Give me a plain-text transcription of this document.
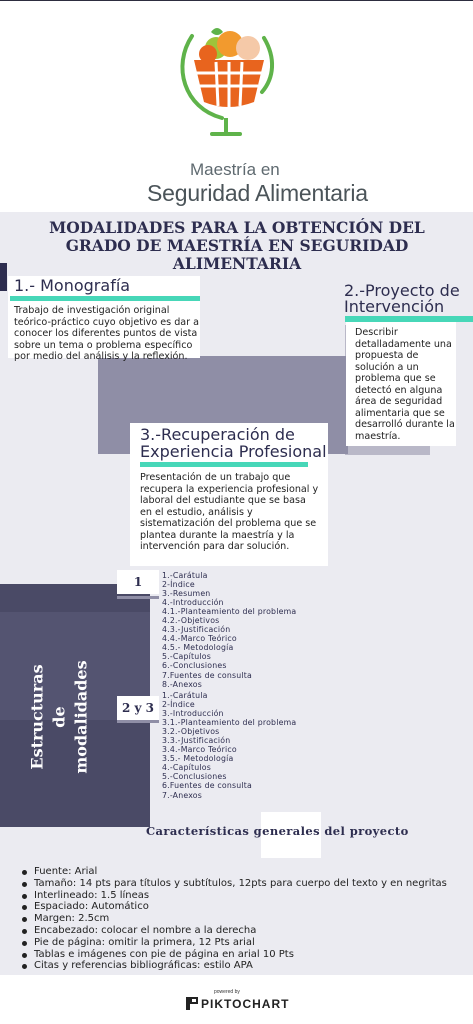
Maestría en
Seguridad Alimentaria
MODALIDADES PARA LA OBTENCIÓN DEL GRADO DE MAESTRÍA EN SEGURIDAD ALIMENTARIA
1.- Monografía
Trabajo de investigación original teórico-práctico cuyo objetivo es dar a conocer los diferentes puntos de vista sobre un tema o problema específico por medio del análisis y la reflexión.
2.-Proyecto de
Intervención
Describir detalladamente una propuesta de solución a un problema que se detectó en alguna área de seguridad alimentaria que se desarrolló durante la maestría.
3.-Recuperación de
Experiencia Profesional
Presentación de un trabajo que recupera la experiencia profesional y laboral del estudiante que se basa en el estudio, análisis y sistematización del problema que se plantea durante la maestría y la intervención para dar solución.
Estructuras de modalidades
1	1.-Carátula
2-Índice
3.-Resumen
4.-Introducción
4.1.-Planteamiento del problema
4.2.-Objetivos
4.3.-Justificación
4.4.-Marco Teórico
4.5.- Metodología
5.-Capítulos
6.-Conclusiones
7.Fuentes de consulta
8.-Anexos
2 y 3
1.-Carátula
2-Índice
3.-Introducción
3.1.-Planteamiento del problema
3.2.-Objetivos
3.3.-Justificación
3.4.-Marco Teórico
3.5.- Metodología
4.-Capítulos
5.-Conclusiones
6.Fuentes de consulta
7.-Anexos
Características generales del proyecto
Fuente: Arial
Tamaño: 14 pts para títulos y subtítulos, 12pts para cuerpo del texto y en negritas
Interlineado: 1.5 líneas
Espaciado: Automático
Margen: 2.5cm
Encabezado: colocar el nombre a la derecha
Pie de página: omitir la primera, 12 Pts arial
Tablas e imágenes con pie de página en arial 10 Pts
Citas y referencias bibliográficas: estilo APA
powered by
PIKTOCHART
